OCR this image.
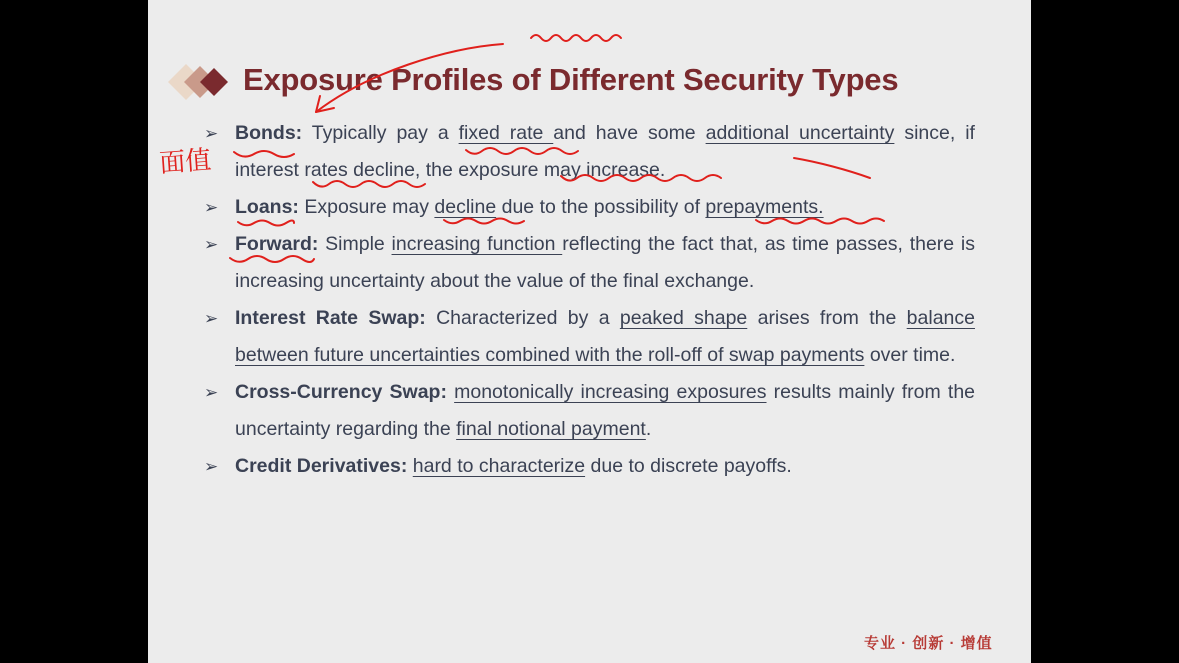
Exposure Profiles of Different Security Types

➢ Bonds: Typically pay a fixed rate and have some additional uncertainty since, if interest rates decline, the exposure may increase.

➢ Loans: Exposure may decline due to the possibility of prepayments.

➢ Forward: Simple increasing function reflecting the fact that, as time passes, there is increasing uncertainty about the value of the final exchange.

➢ Interest Rate Swap: Characterized by a peaked shape arises from the balance between future uncertainties combined with the roll-off of swap payments over time.

➢ Cross-Currency Swap: monotonically increasing exposures results mainly from the uncertainty regarding the final notional payment.

➢ Credit Derivatives: hard to characterize due to discrete payoffs.

专业 · 创新 · 增值
面值
